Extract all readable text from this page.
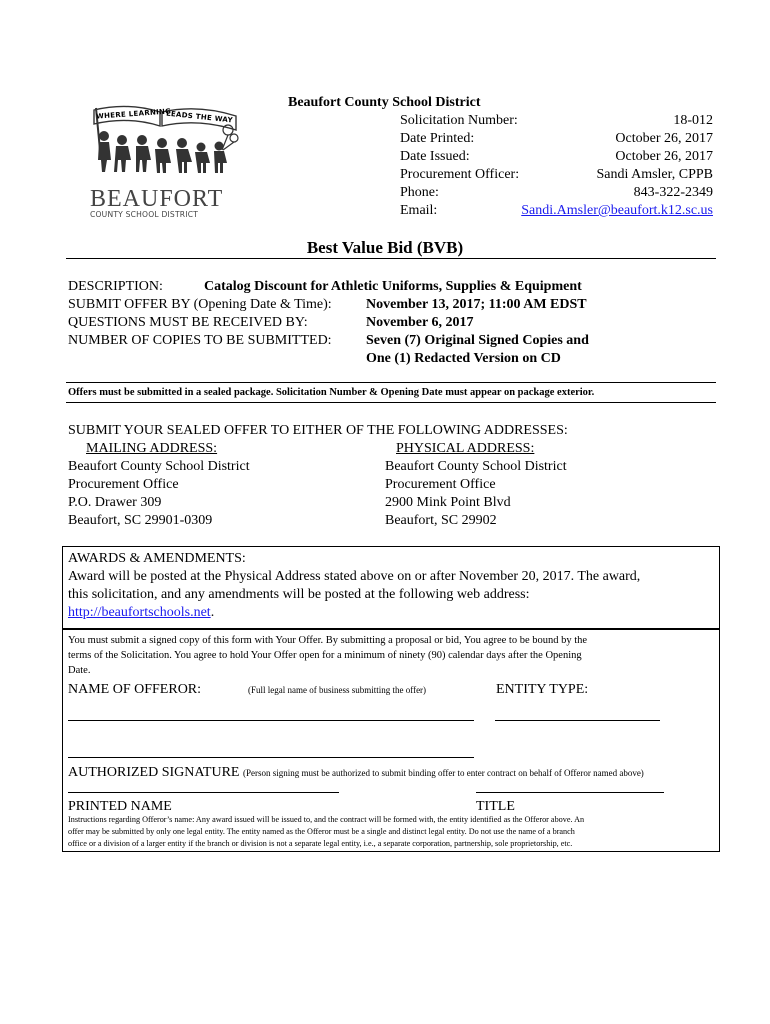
WHERE LEARNING
LEADS THE WAY
BEAUFORT
COUNTY SCHOOL DISTRICT
Beaufort County School District
Solicitation Number:	18-012
Date Printed:	October 26, 2017
Date Issued:	October 26, 2017
Procurement Officer:	Sandi Amsler, CPPB
Phone:	843-322-2349
Email:	Sandi.Amsler@beaufort.k12.sc.us
Best Value Bid (BVB)
DESCRIPTION:	Catalog Discount for Athletic Uniforms, Supplies & Equipment
SUBMIT OFFER BY (Opening Date & Time): November 13, 2017; 11:00 AM EDST
QUESTIONS MUST BE RECEIVED BY:	November 6, 2017
NUMBER OF COPIES TO BE SUBMITTED: Seven (7) Original Signed Copies and
One (1) Redacted Version on CD
Offers must be submitted in a sealed package. Solicitation Number & Opening Date must appear on package exterior.
SUBMIT YOUR SEALED OFFER TO EITHER OF THE FOLLOWING ADDRESSES:
MAILING ADDRESS:	PHYSICAL ADDRESS:
Beaufort County School District
Procurement Office
P.O. Drawer 309
Beaufort, SC 29901-0309
Beaufort County School District
Procurement Office
2900 Mink Point Blvd
Beaufort, SC 29902
AWARDS & AMENDMENTS:
Award will be posted at the Physical Address stated above on or after November 20, 2017. The award,
this solicitation, and any amendments will be posted at the following web address:
http://beaufortschools.net.
You must submit a signed copy of this form with Your Offer. By submitting a proposal or bid, You agree to be bound by the
terms of the Solicitation. You agree to hold Your Offer open for a minimum of ninety (90) calendar days after the Opening
Date.
NAME OF OFFEROR:	(Full legal name of business submitting the offer)	ENTITY TYPE:
AUTHORIZED SIGNATURE (Person signing must be authorized to submit binding offer to enter contract on behalf of Offeror named above)
PRINTED NAME	TITLE
Instructions regarding Offeror’s name: Any award issued will be issued to, and the contract will be formed with, the entity identified as the Offeror above. An
offer may be submitted by only one legal entity. The entity named as the Offeror must be a single and distinct legal entity. Do not use the name of a branch
office or a division of a larger entity if the branch or division is not a separate legal entity, i.e., a separate corporation, partnership, sole proprietorship, etc.
